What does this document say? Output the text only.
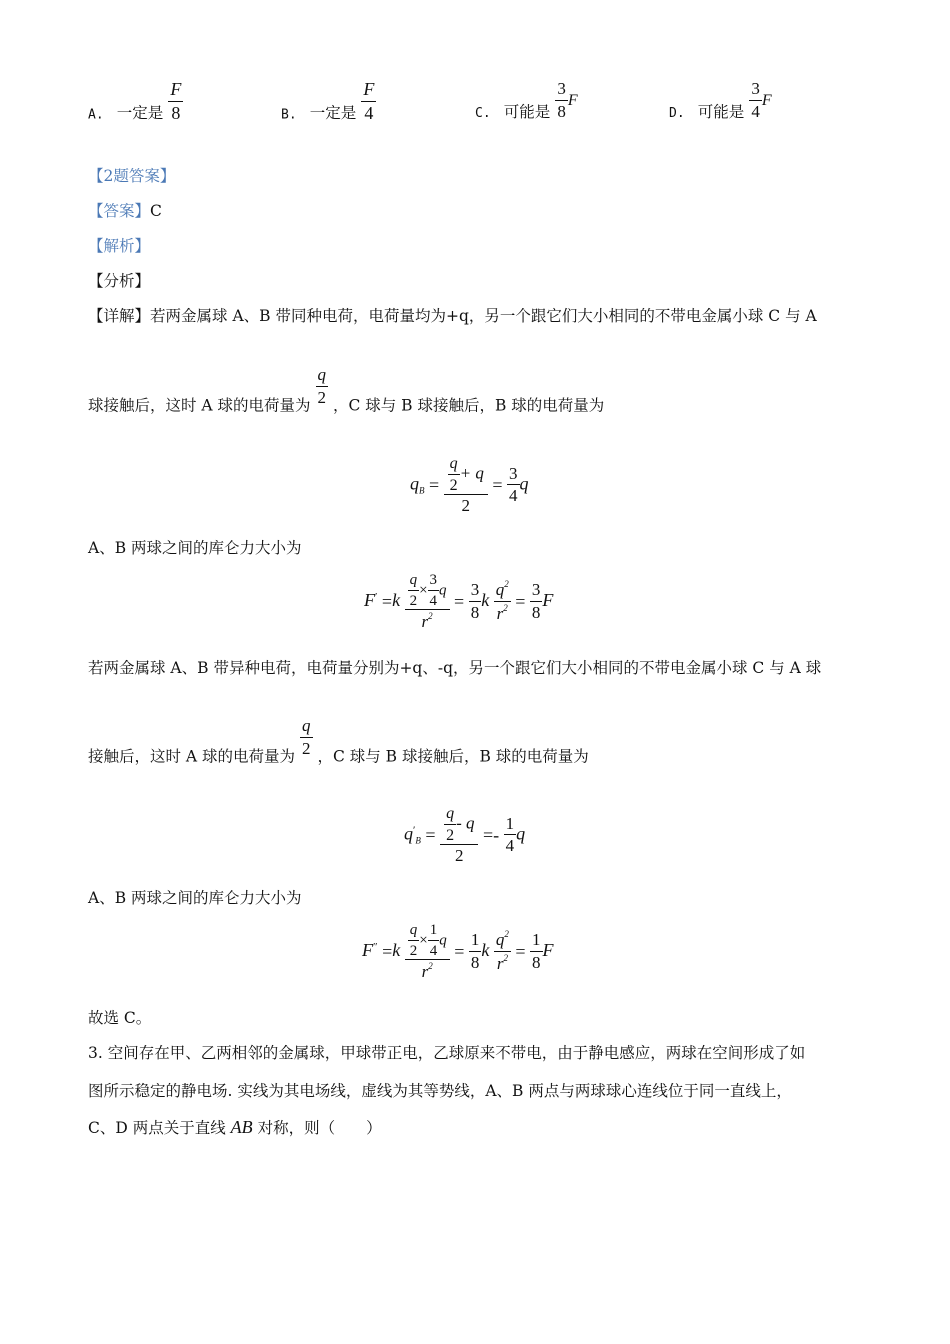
$_{A.}$ 一定是 $\frac{F}{8}$	$_{B.}$ 一定是 $\frac{F}{4}$	$_{C.}$ 可能是 $\frac{3}{8}$ F
$_{D.}$ 可能是 $\frac{3}{4}$ F
【2题答案】
【答案】C
【解析】
【分析】
【详解】若两金属球 A、B 带同种电荷，电荷量均为+q，另一个跟它们大小相同的不带电金属小球 C 与 A
球接触后，这时 A 球的电荷量为 $\frac{q}{2}$ ，C 球与 B 球接触后，B 球的电荷量为
$q_B = \frac{\frac{q}{2} + q}{2} = \frac{3}{4}$ q
A、B 两球之间的库仑力大小为
$F' =k \frac{\frac{q}{2} \times \frac{3}{4} q}{r^2} = \frac{3}{8}$ k $\frac{q^2}{r^2} = \frac{3}{8}$ F
若两金属球 A、B 带异种电荷，电荷量分别为+q、-q，另一个跟它们大小相同的不带电金属小球 C 与 A 球
接触后，这时 A 球的电荷量为 $\frac{q}{2}$ ，C 球与 B 球接触后，B 球的电荷量为
$q'_B = \frac{\frac{q}{2} - q}{2} =- \frac{1}{4}$ q
A、B 两球之间的库仑力大小为
$F'' =k \frac{\frac{q}{2} \times \frac{1}{4} q}{r^2} = \frac{1}{8}$ k $\frac{q^2}{r^2} = \frac{1}{8}$ F
故选 C。
3. 空间存在甲、乙两相邻的金属球，甲球带正电，乙球原来不带电，由于静电感应，两球在空间形成了如
图所示稳定的静电场. 实线为其电场线，虚线为其等势线，A、B 两点与两球球心连线位于同一直线上，
C、D 两点关于直线 AB 对称，则（　　）
